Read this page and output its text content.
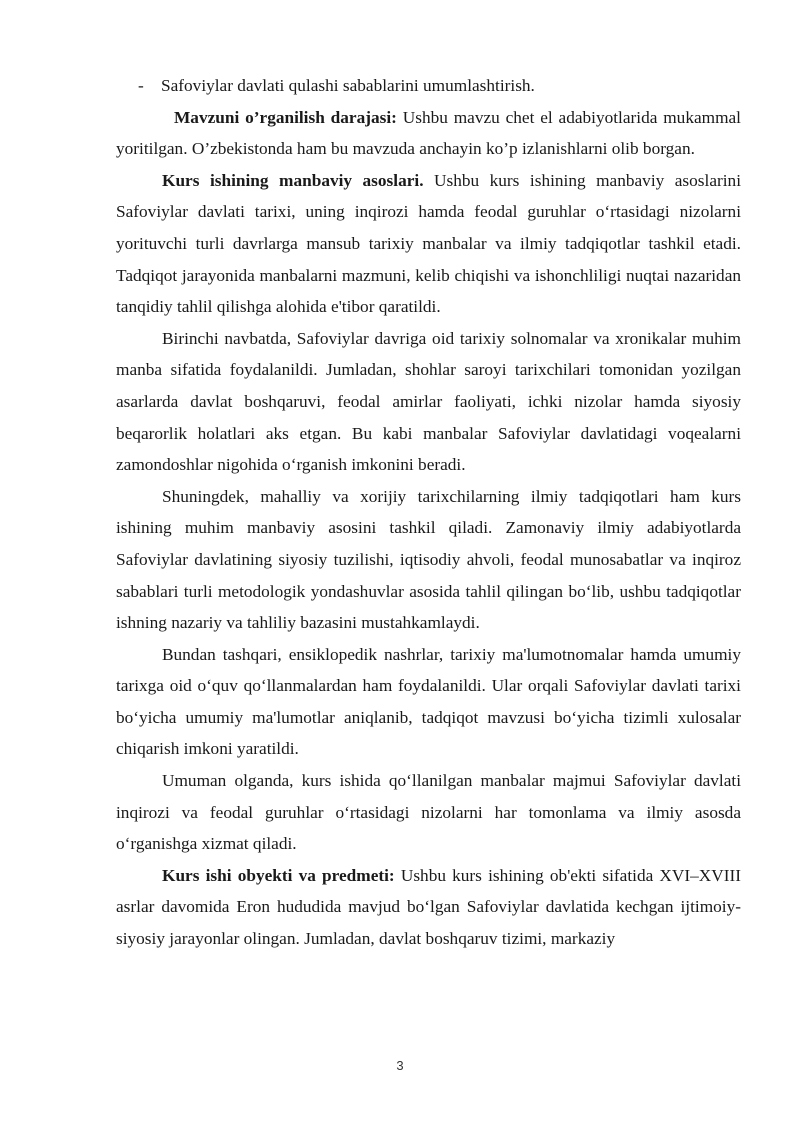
- Safoviylar davlati qulashi sabablarini umumlashtirish.

Mavzuni o’rganilish darajasi: Ushbu mavzu chet el adabiyotlarida mukammal yoritilgan. O’zbekistonda ham bu mavzuda anchayin ko’p izlanishlarni olib borgan.

Kurs ishining manbaviy asoslari. Ushbu kurs ishining manbaviy asoslarini Safoviylar davlati tarixi, uning inqirozi hamda feodal guruhlar o‘rtasidagi nizolarni yorituvchi turli davrlarga mansub tarixiy manbalar va ilmiy tadqiqotlar tashkil etadi. Tadqiqot jarayonida manbalarni mazmuni, kelib chiqishi va ishonchliligi nuqtai nazaridan tanqidiy tahlil qilishga alohida e'tibor qaratildi.

Birinchi navbatda, Safoviylar davriga oid tarixiy solnomalar va xronikalar muhim manba sifatida foydalanildi. Jumladan, shohlar saroyi tarixchilari tomonidan yozilgan asarlarda davlat boshqaruvi, feodal amirlar faoliyati, ichki nizolar hamda siyosiy beqarorlik holatlari aks etgan. Bu kabi manbalar Safoviylar davlatidagi voqealarni zamondoshlar nigohida o‘rganish imkonini beradi.

Shuningdek, mahalliy va xorijiy tarixchilarning ilmiy tadqiqotlari ham kurs ishining muhim manbaviy asosini tashkil qiladi. Zamonaviy ilmiy adabiyotlarda Safoviylar davlatining siyosiy tuzilishi, iqtisodiy ahvoli, feodal munosabatlar va inqiroz sabablari turli metodologik yondashuvlar asosida tahlil qilingan bo‘lib, ushbu tadqiqotlar ishning nazariy va tahliliy bazasini mustahkamlaydi.

Bundan tashqari, ensiklopedik nashrlar, tarixiy ma'lumotnomalar hamda umumiy tarixga oid o‘quv qo‘llanmalardan ham foydalanildi. Ular orqali Safoviylar davlati tarixi bo‘yicha umumiy ma'lumotlar aniqlanib, tadqiqot mavzusi bo‘yicha tizimli xulosalar chiqarish imkoni yaratildi.

Umuman olganda, kurs ishida qo‘llanilgan manbalar majmui Safoviylar davlati inqirozi va feodal guruhlar o‘rtasidagi nizolarni har tomonlama va ilmiy asosda o‘rganishga xizmat qiladi.

Kurs ishi obyekti va predmeti: Ushbu kurs ishining ob'ekti sifatida XVI–XVIII asrlar davomida Eron hududida mavjud bo‘lgan Safoviylar davlatida kechgan ijtimoiy-siyosiy jarayonlar olingan. Jumladan, davlat boshqaruv tizimi, markaziy

3
